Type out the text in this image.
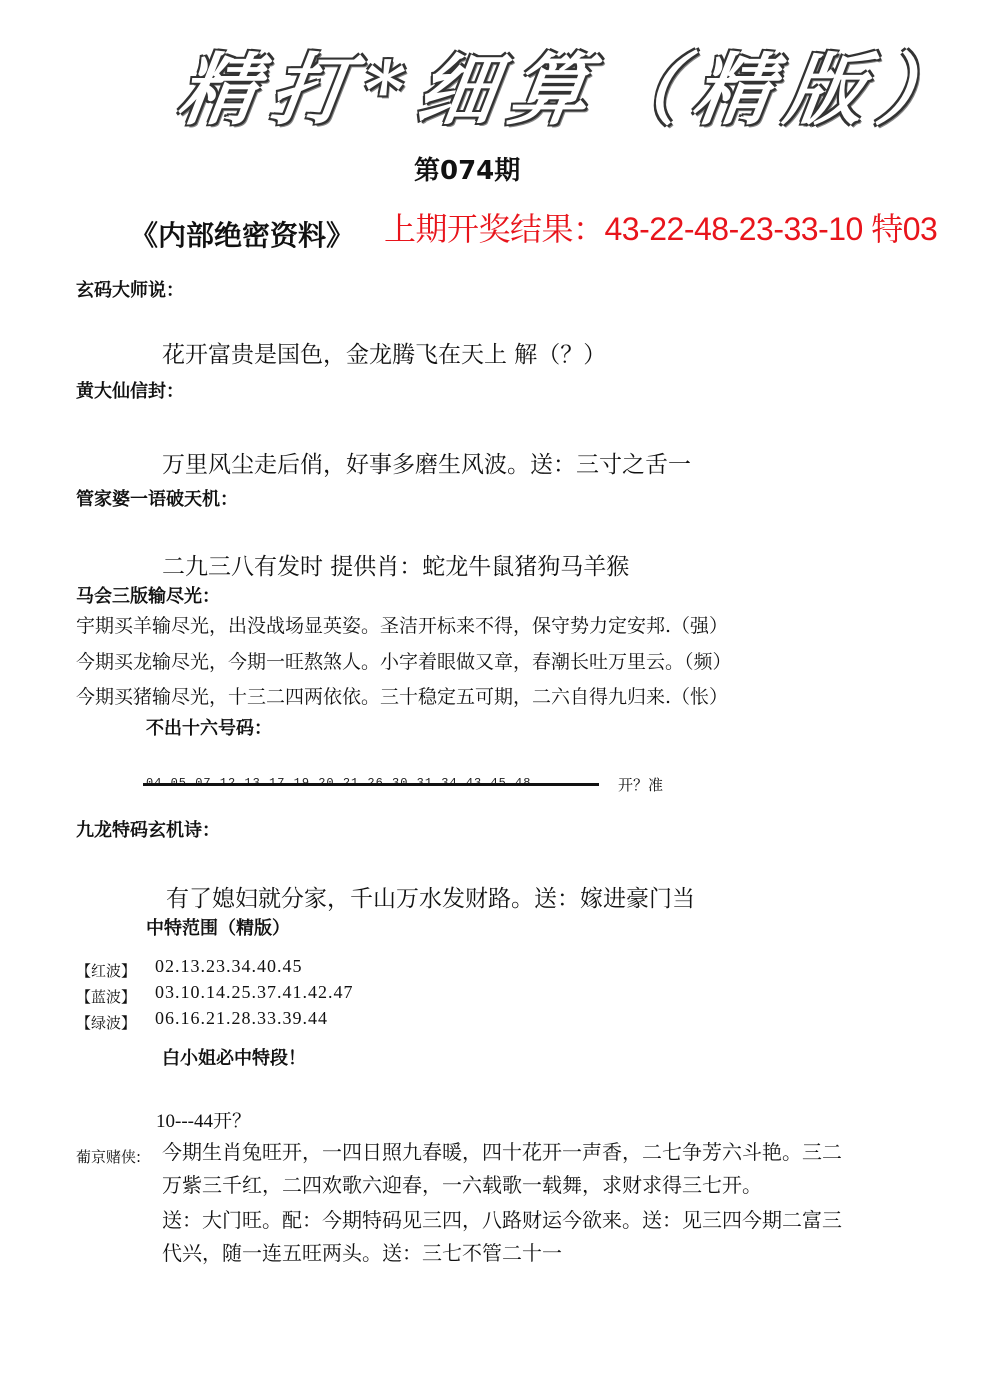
精打*细算（精版）
第074期
《内部绝密资料》 上期开奖结果：43-22-48-23-33-10 特03
玄码大师说：
花开富贵是国色，金龙腾飞在天上 解（？）
黄大仙信封：
万里风尘走后俏，好事多磨生风波。送：三寸之舌一
管家婆一语破天机：
二九三八有发时 提供肖：蛇龙牛鼠猪狗马羊猴
马会三版输尽光：
宇期买羊输尽光，出没战场显英姿。圣洁开标来不得，保守势力定安邦.（强）
今期买龙输尽光，今期一旺熬煞人。小字着眼做又章，春潮长吐万里云。（频）
今期买猪输尽光，十三二四两依依。三十稳定五可期，二六自得九归来.（怅）
不出十六号码：
开？准
九龙特码玄机诗：
有了媳妇就分家，千山万水发财路。送：嫁进豪门当
中特范围（精版）
【红波】 02.13.23.34.40.45
【蓝波】 03.10.14.25.37.41.42.47
【绿波】 06.16.21.28.33.39.44
白小姐必中特段！
10---44开？
葡京赌侠: 今期生肖兔旺开，一四日照九春暖，四十花开一声香，二七争芳六斗艳。三二
万紫三千红，二四欢歌六迎春，一六载歌一载舞，求财求得三七开。
送：大门旺。配：今期特码见三四，八路财运今欲来。送：见三四今期二富三
代兴，随一连五旺两头。送：三七不管二十一
